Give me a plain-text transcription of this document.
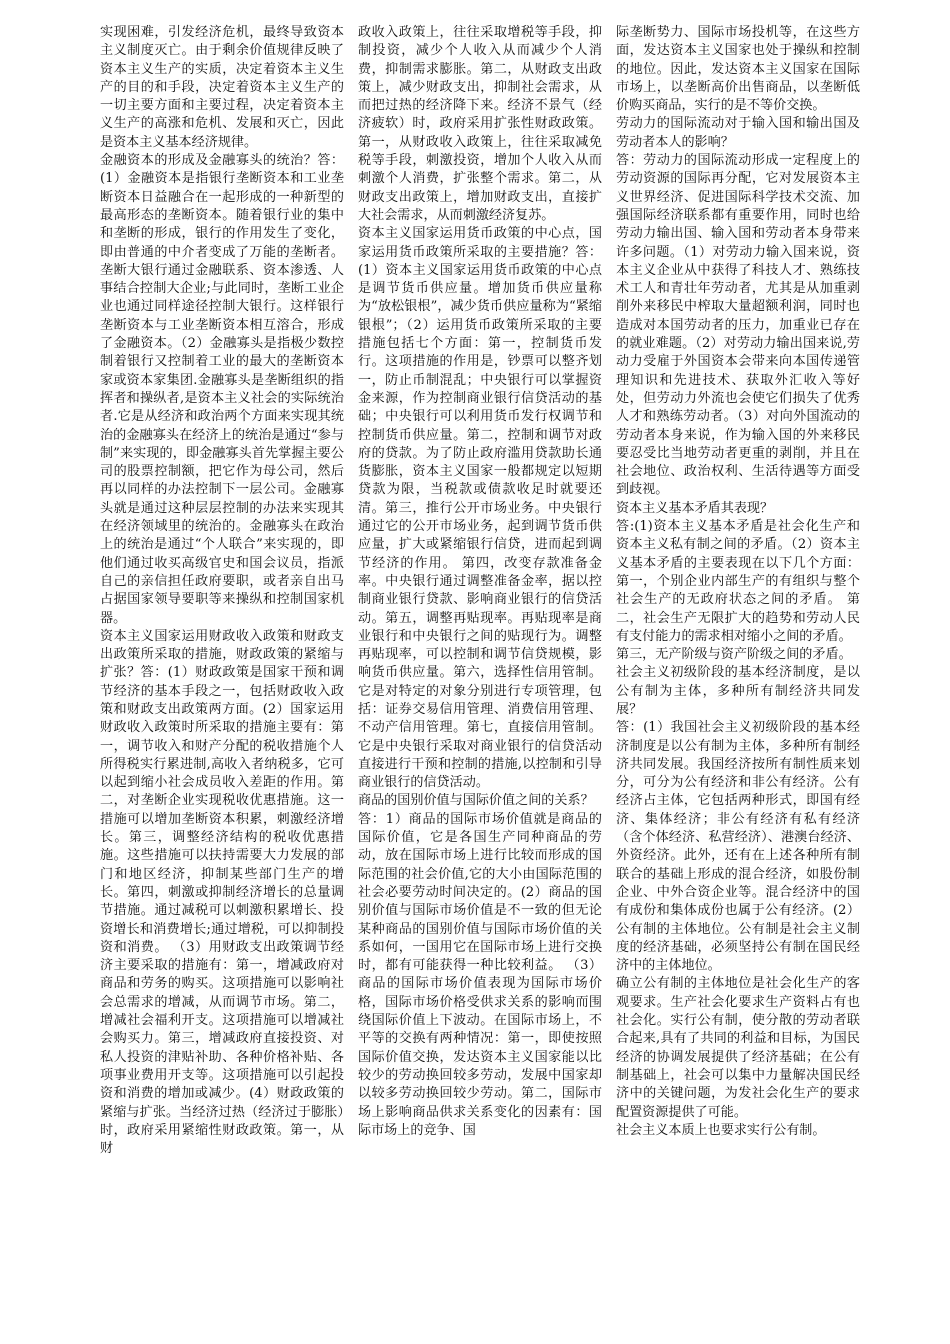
实现困难，引发经济危机，最终导致资本主义制度灭亡。由于剩余价值规律反映了资本主义生产的实质，决定着资本主义生产的目的和手段，决定着资本主义生产的一切主要方面和主要过程，决定着资本主义生产的高涨和危机、发展和灭亡，因此是资本主义基本经济规律。

金融资本的形成及金融寡头的统治？答：(1）金融资本是指银行垄断资本和工业垄断资本日益融合在一起形成的一种新型的最高形态的垄断资本。随着银行业的集中和垄断的形成，银行的作用发生了变化，即由普通的中介者变成了万能的垄断者。垄断大银行通过金融联系、资本渗透、人事结合控制大企业;与此同时，垄断工业企业也通过同样途径控制大银行。这样银行垄断资本与工业垄断资本相互溶合，形成了金融资本。（2）金融寡头是指极少数控制着银行又控制着工业的最大的垄断资本家或资本家集团.金融寡头是垄断组织的指挥者和操纵者,是资本主义社会的实际统治者.它是从经济和政治两个方面来实现其统治的金融寡头在经济上的统治是通过“参与制”来实现的，即金融寡头首先掌握主要公司的股票控制额，把它作为母公司，然后再以同样的办法控制下一层公司。金融寡头就是通过这种层层控制的办法来实现其在经济领域里的统治的。金融寡头在政治上的统治是通过“个人联合”来实现的，即他们通过收买高级官史和国会议员，指派自己的亲信担任政府要职，或者亲自出马占据国家领导要职等来操纵和控制国家机器。

资本主义国家运用财政收入政策和财政支出政策所采取的措施，财政政策的紧缩与扩张？答：(1）财政政策是国家干预和调节经济的基本手段之一，包括财政收入政策和财政支出政策两方面。(2）国家运用财政收入政策时所采取的措施主要有：第一，调节收入和财产分配的税收措施个人所得税实行累进制,高收入者纳税多，它可以起到缩小社会成员收入差距的作用。第二，对垄断企业实现税收优惠措施。这一措施可以增加垄断资本积累，刺激经济增长。第三，调整经济结构的税收优惠措施。这些措施可以扶持需要大力发展的部门和地区经济，抑制某些部门生产的增长。第四，刺激或抑制经济增长的总量调节措施。通过减税可以刺激积累增长、投资增长和消费增长;通过增税，可以抑制投资和消费。 （3）用财政支出政策调节经济主要采取的措施有：第一，增减政府对商品和劳务的购买。这项措施可以影响社会总需求的增减，从而调节市场。第二，增减社会福利开支。这项措施可以增减社会购买力。第三，增减政府直接投资、对私人投资的津贴补助、各种价格补贴、各项事业费用开支等。这项措施可以引起投资和消费的增加或减少。(4）财政政策的紧缩与扩张。当经济过热（经济过于膨胀）时，政府采用紧缩性财政政策。第一，从财

政收入政策上，往往采取增税等手段，抑制投资，减少个人收入从而减少个人消费，抑制需求膨胀。第二，从财政支出政策上，减少财政支出，抑制社会需求，从而把过热的经济降下来。经济不景气（经济疲软）时，政府采用扩张性财政政策。第一，从财政收入政策上，往往采取减免税等手段，刺激投资，增加个人收入从而刺激个人消费，扩张整个需求。第二，从财政支出政策上，增加财政支出，直接扩大社会需求，从而刺激经济复苏。

资本主义国家运用货币政策的中心点，国家运用货币政策所采取的主要措施？答：(1）资本主义国家运用货币政策的中心点是调节货币供应量。增加货币供应量称为“放松银根”，减少货币供应量称为“紧缩银根”；（2）运用货币政策所采取的主要措施包括七个方面：第一，控制货币发行。这项措施的作用是，钞票可以整齐划一，防止币制混乱；中央银行可以掌握资金来源，作为控制商业银行信贷活动的基础；中央银行可以利用货币发行权调节和控制货币供应量。第二，控制和调节对政府的贷款。为了防止政府滥用贷款助长通货膨胀，资本主义国家一般都规定以短期贷款为限，当税款或债款收足时就要还清。第三，推行公开市场业务。中央银行通过它的公开市场业务，起到调节货币供应量，扩大或紧缩银行信贷，进而起到调节经济的作用。 第四，改变存款准备金率。中央银行通过调整准备金率，据以控制商业银行贷款、影响商业银行的信贷活动。第五，调整再贴现率。再贴现率是商业银行和中央银行之间的贴现行为。调整再贴现率，可以控制和调节信贷规模，影响货币供应量。第六，选择性信用管制。它是对特定的对象分别进行专项管理，包括：证券交易信用管理、消费信用管理、不动产信用管理。第七，直接信用管制。它是中央银行采取对商业银行的信贷活动直接进行干预和控制的措施,以控制和引导商业银行的信贷活动。

商品的国别价值与国际价值之间的关系？

答：1）商品的国际市场价值就是商品的国际价值，它是各国生产同种商品的劳动，放在国际市场上进行比较而形成的国际范围的社会价值,它的大小由国际范围的社会必要劳动时间决定的。(2）商品的国别价值与国际市场价值是不一致的但无论某种商品的国别价值与国际市场价值的关系如何，一国用它在国际市场上进行交换时，都有可能获得一种比较利益。 （3）商品的国际市场价值表现为国际市场价格，国际市场价格受供求关系的影响而围绕国际价值上下波动。在国际市场上，不平等的交换有两种情况：第一，即使按照国际价值交换，发达资本主义国家能以比较少的劳动换回较多劳动，发展中国家却以较多劳动换回较少劳动。第二，国际市场上影响商品供求关系变化的因素有：国际市场上的竞争、国

际垄断势力、国际市场投机等，在这些方面，发达资本主义国家也处于操纵和控制的地位。因此，发达资本主义国家在国际市场上，以垄断高价出售商品，以垄断低价购买商品，实行的是不等价交换。

劳动力的国际流动对于输入国和输出国及劳动者本人的影响？

答：劳动力的国际流动形成一定程度上的劳动资源的国际再分配，它对发展资本主义世界经济、促进国际科学技术交流、加强国际经济联系都有重要作用，同时也给劳动力输出国、输入国和劳动者本身带来许多问题。（1）对劳动力输入国来说，资本主义企业从中获得了科技人才、熟练技术工人和青壮年劳动者，尤其是从加重剥削外来移民中榨取大量超额利润，同时也造成对本国劳动者的压力，加重业已存在的就业难题。（2）对劳动力输出国来说,劳动力受雇于外国资本会带来向本国传递管理知识和先进技术、获取外汇收入等好处，但劳动力外流也会使它们损失了优秀人才和熟练劳动者。（3）对向外国流动的劳动者本身来说，作为输入国的外来移民要忍受比当地劳动者更重的剥削，并且在社会地位、政治权利、生活待遇等方面受到歧视。

资本主义基本矛盾其表现？

答:(1)资本主义基本矛盾是社会化生产和资本主义私有制之间的矛盾。（2）资本主义基本矛盾的主要表现在以下几个方面： 第一，个别企业内部生产的有组织与整个社会生产的无政府状态之间的矛盾。 第二，社会生产无限扩大的趋势和劳动人民有支付能力的需求相对缩小之间的矛盾。

第三，无产阶级与资产阶级之间的矛盾。

社会主义初级阶段的基本经济制度，是以公有制为主体，多种所有制经济共同发展？

答：(1）我国社会主义初级阶段的基本经济制度是以公有制为主体，多种所有制经济共同发展。我国经济按所有制性质来划分，可分为公有经济和非公有经济。公有经济占主体，它包括两种形式，即国有经济、集体经济；非公有经济有私有经济（含个体经济、私营经济）、港澳台经济、外资经济。此外，还有在上述各种所有制联合的基础上形成的混合经济，如股份制企业、中外合资企业等。混合经济中的国有成份和集体成份也属于公有经济。(2）公有制的主体地位。公有制是社会主义制度的经济基础，必须坚持公有制在国民经济中的主体地位。

确立公有制的主体地位是社会化生产的客观要求。生产社会化要求生产资料占有也社会化。实行公有制，使分散的劳动者联合起来,具有了共同的利益和目标，为国民经济的协调发展提供了经济基础；在公有制基础上，社会可以集中力量解决国民经济中的关键问题，为发社会化生产的要求配置资源提供了可能。

社会主义本质上也要求实行公有制。
